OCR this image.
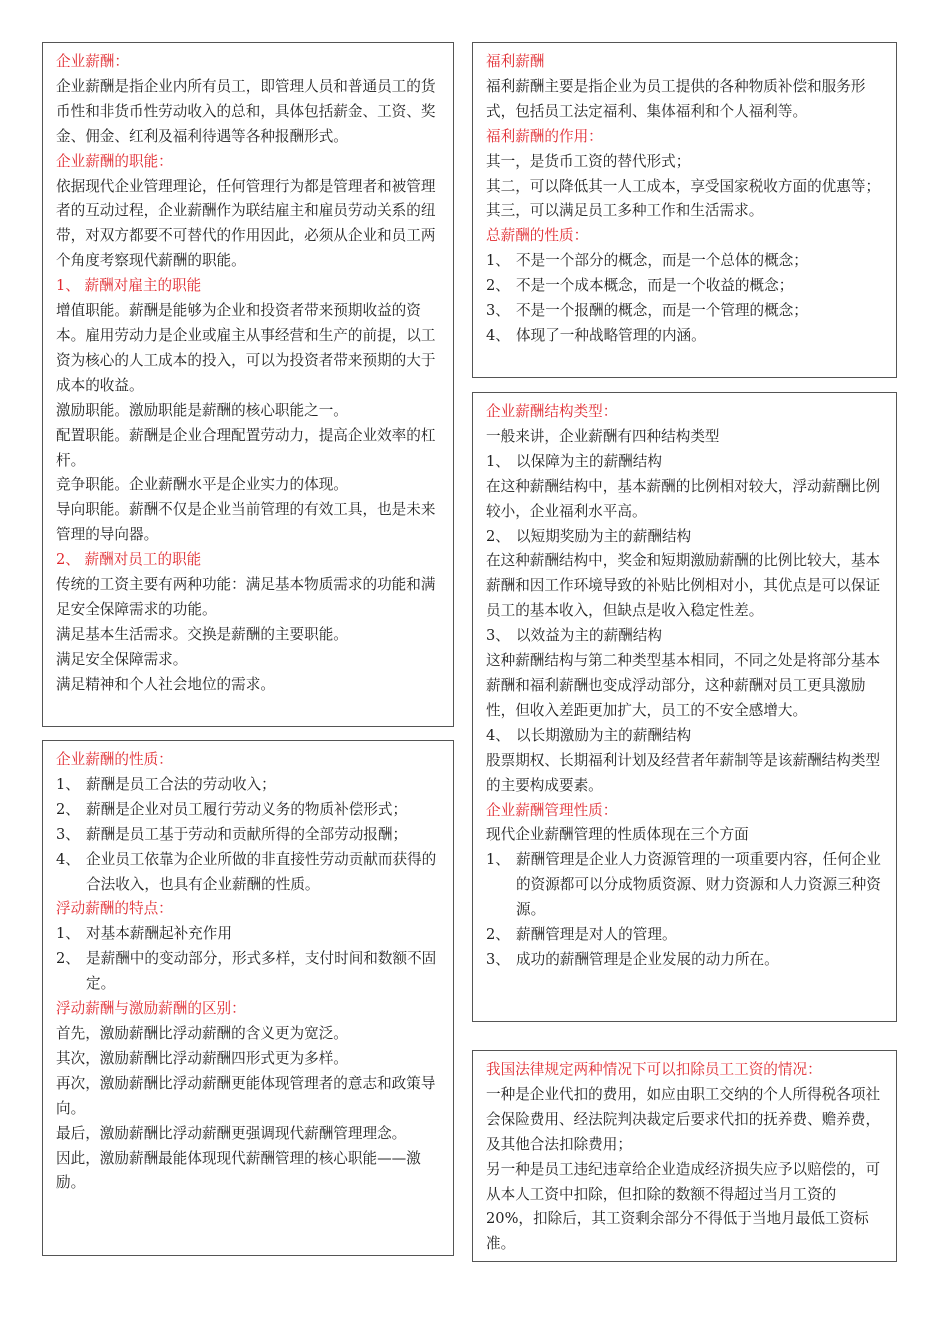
企业薪酬：

企业薪酬是指企业内所有员工，即管理人员和普通员工的货币性和非货币性劳动收入的总和，具体包括薪金、工资、奖金、佣金、红利及福利待遇等各种报酬形式。

企业薪酬的职能：

依据现代企业管理理论，任何管理行为都是管理者和被管理者的互动过程，企业薪酬作为联结雇主和雇员劳动关系的纽带，对双方都要不可替代的作用因此，必须从企业和员工两个角度考察现代薪酬的职能。

1、 薪酬对雇主的职能

增值职能。薪酬是能够为企业和投资者带来预期收益的资本。雇用劳动力是企业或雇主从事经营和生产的前提，以工资为核心的人工成本的投入，可以为投资者带来预期的大于成本的收益。

激励职能。激励职能是薪酬的核心职能之一。

配置职能。薪酬是企业合理配置劳动力，提高企业效率的杠杆。

竞争职能。企业薪酬水平是企业实力的体现。

导向职能。薪酬不仅是企业当前管理的有效工具，也是未来管理的导向器。

2、 薪酬对员工的职能

传统的工资主要有两种功能：满足基本物质需求的功能和满足安全保障需求的功能。

满足基本生活需求。交换是薪酬的主要职能。

满足安全保障需求。

满足精神和个人社会地位的需求。

企业薪酬的性质：
1、 薪酬是员工合法的劳动收入；
2、 薪酬是企业对员工履行劳动义务的物质补偿形式；
3、 薪酬是员工基于劳动和贡献所得的全部劳动报酬；
4、 企业员工依靠为企业所做的非直接性劳动贡献而获得的合法收入，也具有企业薪酬的性质。
浮动薪酬的特点：
1、 对基本薪酬起补充作用
2、 是薪酬中的变动部分，形式多样，支付时间和数额不固定。
浮动薪酬与激励薪酬的区别：

首先，激励薪酬比浮动薪酬的含义更为宽泛。

其次，激励薪酬比浮动薪酬四形式更为多样。

再次，激励薪酬比浮动薪酬更能体现管理者的意志和政策导向。

最后，激励薪酬比浮动薪酬更强调现代薪酬管理理念。

因此，激励薪酬最能体现现代薪酬管理的核心职能——激励。

福利薪酬

福利薪酬主要是指企业为员工提供的各种物质补偿和服务形式，包括员工法定福利、集体福利和个人福利等。

福利薪酬的作用：

其一，是货币工资的替代形式；

其二，可以降低其一人工成本，享受国家税收方面的优惠等；

其三，可以满足员工多种工作和生活需求。

总薪酬的性质：
1、 不是一个部分的概念，而是一个总体的概念；
2、 不是一个成本概念，而是一个收益的概念；
3、 不是一个报酬的概念，而是一个管理的概念；
4、 体现了一种战略管理的内涵。
企业薪酬结构类型：

一般来讲，企业薪酬有四种结构类型

1、 以保障为主的薪酬结构

在这种薪酬结构中，基本薪酬的比例相对较大，浮动薪酬比例较小，企业福利水平高。

2、 以短期奖励为主的薪酬结构

在这种薪酬结构中，奖金和短期激励薪酬的比例比较大，基本薪酬和因工作环境导致的补贴比例相对小，其优点是可以保证员工的基本收入，但缺点是收入稳定性差。

3、 以效益为主的薪酬结构

这种薪酬结构与第二种类型基本相同，不同之处是将部分基本薪酬和福利薪酬也变成浮动部分，这种薪酬对员工更具激励性，但收入差距更加扩大，员工的不安全感增大。

4、 以长期激励为主的薪酬结构

股票期权、长期福利计划及经营者年薪制等是该薪酬结构类型的主要构成要素。

企业薪酬管理性质：

现代企业薪酬管理的性质体现在三个方面

1、 薪酬管理是企业人力资源管理的一项重要内容，任何企业的资源都可以分成物质资源、财力资源和人力资源三种资源。
2、 薪酬管理是对人的管理。
3、 成功的薪酬管理是企业发展的动力所在。
我国法律规定两种情况下可以扣除员工工资的情况：

一种是企业代扣的费用，如应由职工交纳的个人所得税各项社会保险费用、经法院判决裁定后要求代扣的抚养费、赡养费，及其他合法扣除费用；

另一种是员工违纪违章给企业造成经济损失应予以赔偿的，可从本人工资中扣除，但扣除的数额不得超过当月工资的 20%，扣除后，其工资剩余部分不得低于当地月最低工资标准。
